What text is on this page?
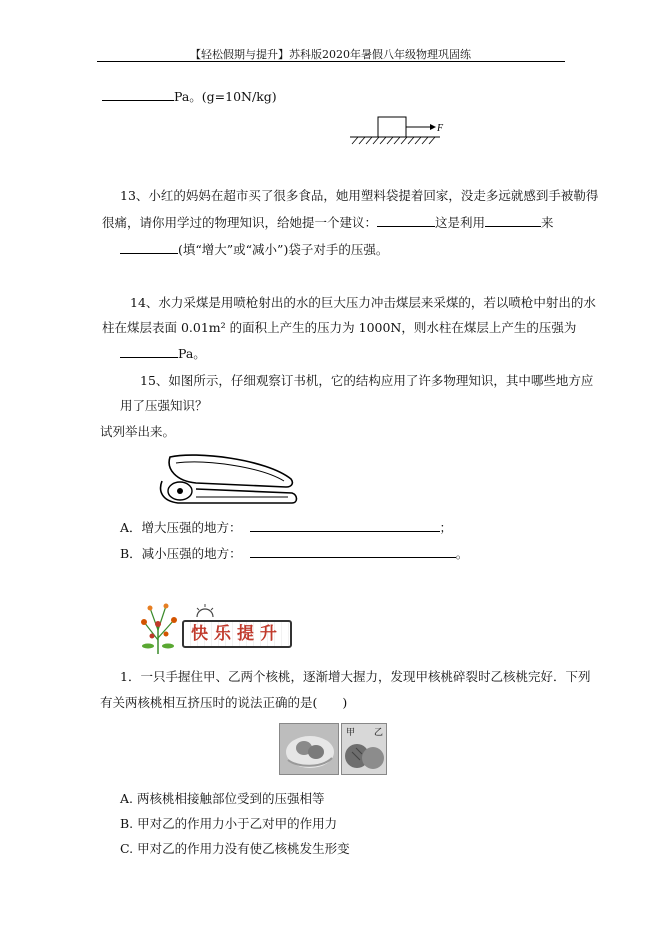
【轻松假期与提升】苏科版2020年暑假八年级物理巩固练
Pa。(g=10N/kg)
F
13、小红的妈妈在超市买了很多食品，她用塑料袋提着回家，没走多远就感到手被勒得
很痛，请你用学过的物理知识，给她提一个建议：	这是利用	来
(填“增大”或“减小”)袋子对手的压强。
14、水力采煤是用喷枪射出的水的巨大压力冲击煤层来采煤的，若以喷枪中射出的水
柱在煤层表面 0.01m² 的面积上产生的压力为 1000N，则水柱在煤层上产生的压强为
Pa。
15、如图所示，仔细观察订书机，它的结构应用了许多物理知识，其中哪些地方应
用了压强知识？
试列举出来。
A．增大压强的地方：	；
B．减小压强的地方：	。
快乐提升
1．一只手握住甲、乙两个核桃，逐渐增大握力，发现甲核桃碎裂时乙核桃完好．下列
有关两核桃相互挤压时的说法正确的是(　　)
甲 乙
A. 两核桃相接触部位受到的压强相等
B. 甲对乙的作用力小于乙对甲的作用力
C. 甲对乙的作用力没有使乙核桃发生形变
